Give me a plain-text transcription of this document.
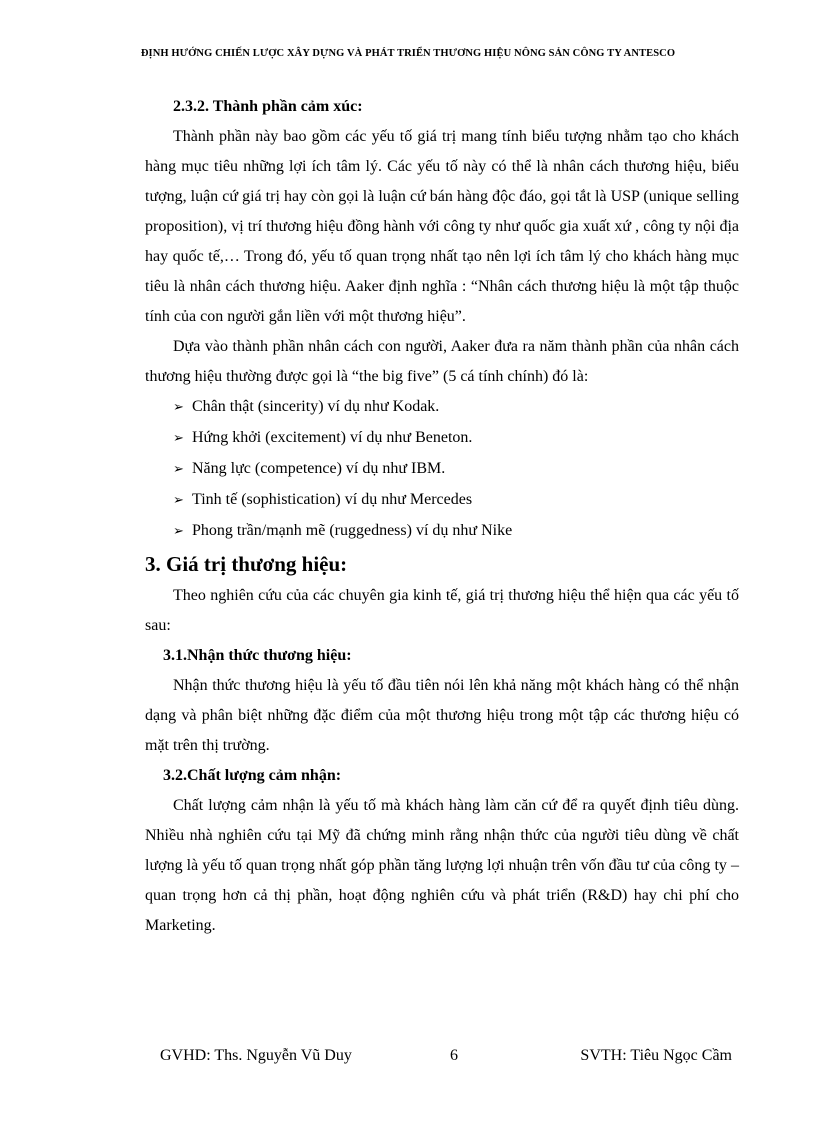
ĐỊNH HƯỚNG CHIẾN LƯỢC XÂY DỰNG VÀ PHÁT TRIỂN THƯƠNG HIỆU NÔNG SẢN CÔNG TY ANTESCO

2.3.2. Thành phần cảm xúc:

Thành phần này bao gồm các yếu tố giá trị mang tính biểu tượng nhằm tạo cho khách hàng mục tiêu những lợi ích tâm lý. Các yếu tố này có thể là nhân cách thương hiệu, biểu tượng, luận cứ giá trị hay còn gọi là luận cứ bán hàng độc đáo, gọi tắt là USP (unique selling proposition), vị trí thương hiệu đồng hành với công ty như quốc gia xuất xứ , công ty nội địa hay quốc tế,… Trong đó, yếu tố quan trọng nhất tạo nên lợi ích tâm lý cho khách hàng mục tiêu là nhân cách thương hiệu. Aaker định nghĩa : “Nhân cách thương hiệu là một tập thuộc tính của con người gắn liền với một thương hiệu”.

Dựa vào thành phần nhân cách con người, Aaker đưa ra năm thành phần của nhân cách thương hiệu thường được gọi là “the big five” (5 cá tính chính) đó là:

➢ Chân thật (sincerity) ví dụ như Kodak.
➢ Hứng khởi (excitement) ví dụ như Beneton.
➢ Năng lực (competence) ví dụ như IBM.
➢ Tinh tế (sophistication) ví dụ như Mercedes
➢ Phong trần/mạnh mẽ (ruggedness) ví dụ như Nike

3. Giá trị thương hiệu:

Theo nghiên cứu của các chuyên gia kinh tế, giá trị thương hiệu thể hiện qua các yếu tố sau:

3.1.Nhận thức thương hiệu:

Nhận thức thương hiệu là yếu tố đầu tiên nói lên khả năng một khách hàng có thể nhận dạng và phân biệt những đặc điểm của một thương hiệu trong một tập các thương hiệu có mặt trên thị trường.

3.2.Chất lượng cảm nhận:

Chất lượng cảm nhận là yếu tố mà khách hàng làm căn cứ để ra quyết định tiêu dùng. Nhiều nhà nghiên cứu tại Mỹ đã chứng minh rằng nhận thức của người tiêu dùng về chất lượng là yếu tố quan trọng nhất góp phần tăng lượng lợi nhuận trên vốn đầu tư của công ty – quan trọng hơn cả thị phần, hoạt động nghiên cứu và phát triển (R&D) hay chi phí cho Marketing.

GVHD: Ths. Nguyễn Vũ Duy	6	SVTH: Tiêu Ngọc Cầm
